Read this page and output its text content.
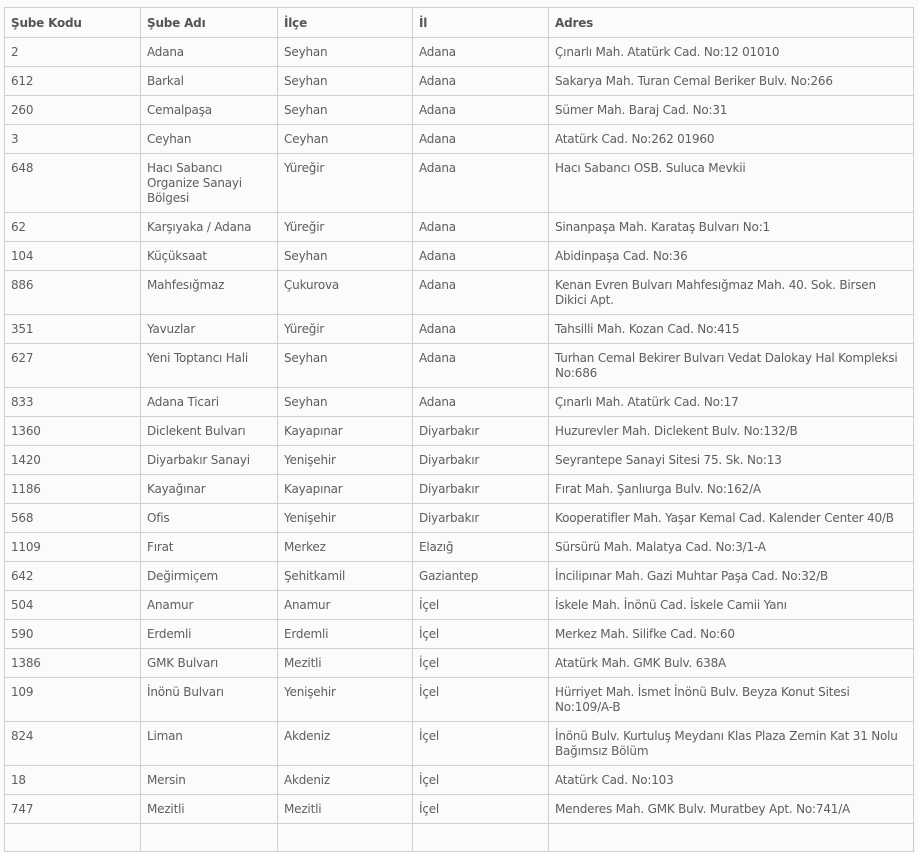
Şube Kodu	Şube Adı	İlçe	İl	Adres
2	Adana	Seyhan	Adana	Çınarlı Mah. Atatürk Cad. No:12 01010
612	Barkal	Seyhan	Adana	Sakarya Mah. Turan Cemal Beriker Bulv. No:266
260	Cemalpaşa	Seyhan	Adana	Sümer Mah. Baraj Cad. No:31
3	Ceyhan	Ceyhan	Adana	Atatürk Cad. No:262 01960
648	Hacı Sabancı Organize Sanayi Bölgesi	Yüreğir	Adana	Hacı Sabancı OSB. Suluca Mevkii
62	Karşıyaka / Adana	Yüreğir	Adana	Sinanpaşa Mah. Karataş Bulvarı No:1
104	Küçüksaat	Seyhan	Adana	Abidinpaşa Cad. No:36
886	Mahfesığmaz	Çukurova	Adana	Kenan Evren Bulvarı Mahfesığmaz Mah. 40. Sok. Birsen Dikici Apt.
351	Yavuzlar	Yüreğir	Adana	Tahsilli Mah. Kozan Cad. No:415
627	Yeni Toptancı Hali	Seyhan	Adana	Turhan Cemal Bekirer Bulvarı Vedat Dalokay Hal Kompleksi No:686
833	Adana Ticari	Seyhan	Adana	Çınarlı Mah. Atatürk Cad. No:17
1360	Diclekent Bulvarı	Kayapınar	Diyarbakır	Huzurevler Mah. Diclekent Bulv. No:132/B
1420	Diyarbakır Sanayi	Yenişehir	Diyarbakır	Seyrantepe Sanayi Sitesi 75. Sk. No:13
1186	Kayağınar	Kayapınar	Diyarbakır	Fırat Mah. Şanlıurga Bulv. No:162/A
568	Ofis	Yenişehir	Diyarbakır	Kooperatifler Mah. Yaşar Kemal Cad. Kalender Center 40/B
1109	Fırat	Merkez	Elazığ	Sürsürü Mah. Malatya Cad. No:3/1-A
642	Değirmiçem	Şehitkamil	Gaziantep	İncilipınar Mah. Gazi Muhtar Paşa Cad. No:32/B
504	Anamur	Anamur	İçel	İskele Mah. İnönü Cad. İskele Camii Yanı
590	Erdemli	Erdemli	İçel	Merkez Mah. Silifke Cad. No:60
1386	GMK Bulvarı	Mezitli	İçel	Atatürk Mah. GMK Bulv. 638A
109	İnönü Bulvarı	Yenişehir	İçel	Hürriyet Mah. İsmet İnönü Bulv. Beyza Konut Sitesi No:109/A-B
824	Liman	Akdeniz	İçel	İnönü Bulv. Kurtuluş Meydanı Klas Plaza Zemin Kat 31 Nolu Bağımsız Bölüm
18	Mersin	Akdeniz	İçel	Atatürk Cad. No:103
747	Mezitli	Mezitli	İçel	Menderes Mah. GMK Bulv. Muratbey Apt. No:741/A
